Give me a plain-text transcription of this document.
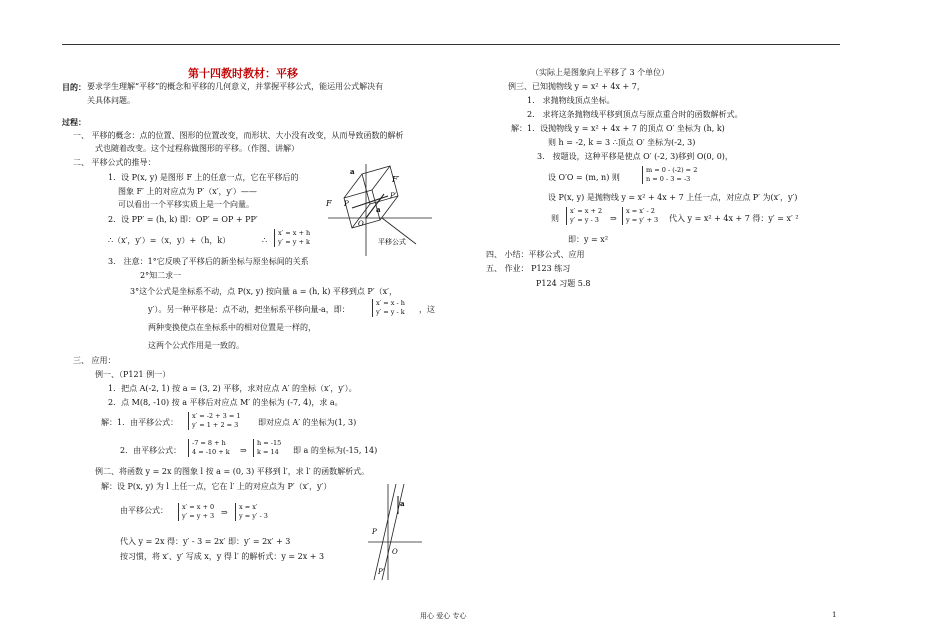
第十四教时教材：平移
目的： 要求学生理解“平移”的概念和平移的几何意义，并掌握平移公式，能运用公式解决有
关具体问题。
过程：
一、 平移的概念：点的位置、图形的位置改变，而形状、大小没有改变，从而导致函数的解析
式也随着改变。这个过程称做图形的平移。（作图、讲解）
二、 平移公式的推导：
1．设 P(x, y) 是图形 F 上的任意一点，它在平移后的
图象 F′ 上的对应点为 P′（x′，y′）——
可以看出一个平移实质上是一个向量。
2．设 PP′ = (h, k) 即：OP′ = OP + PP′
∴（x′，y′）=（x，y）+（h，k）	∴
x′ = x + h
y′ = y + k
3． 注意：1°它反映了平移后的新坐标与原坐标间的关系
2°知二求一
3°这个公式是坐标系不动，点 P(x, y) 按向量 a = (h, k) 平移到点 P′（x′，
y′）。另一种平移是：点不动，把坐标系平移向量-a，即：
x′ = x - h
y′ = y - k ，这
两种变换使点在坐标系中的相对位置是一样的，
这两个公式作用是一致的。
三、 应用：
例一、（P121 例一）
1．把点 A(-2, 1) 按 a = (3, 2) 平移，求对应点 A′ 的坐标（x′，y′）。
2．点 M(8, -10) 按 a 平移后对应点 M′ 的坐标为 (-7, 4)，求 a。
解：1．由平移公式：
x′ = -2 + 3 = 1
y′ = 1 + 2 = 3 即对应点 A′ 的坐标为(1, 3)
2．由平移公式：
-7 = 8 + h
4 = -10 + k ⇒
h = -15
k = 14	即 a 的坐标为(-15, 14)
例二、将函数 y = 2x 的图象 l 按 a = (0, 3) 平移到 l′，求 l′ 的函数解析式。
解：设 P(x, y) 为 l 上任一点，它在 l′ 上的对应点为 P′（x′，y′）
由平移公式： x′ = x + 0
y′ = y + 3 ⇒
x = x′
y = y′ - 3
代入 y = 2x 得：y′ - 3 = 2x′ 即：y′ = 2x′ + 3
按习惯，将 x′、y′ 写成 x，y 得 l′ 的解析式：y = 2x + 3
（实际上是图象向上平移了 3 个单位）
例三、已知抛物线 y = x² + 4x + 7，
1． 求抛物线顶点坐标。
2． 求将这条抛物线平移到顶点与原点重合时的函数解析式。
解：1．设抛物线 y = x² + 4x + 7 的顶点 O′ 坐标为 (h, k)
则 h = -2, k = 3 ∴顶点 O′ 坐标为(-2, 3)
3． 按题设，这种平移是使点 O′ (-2, 3)移到 O(0, 0)，
设 O′O = (m, n) 则
m = 0 - (-2) = 2
n = 0 - 3 = -3
设 P(x, y) 是抛物线 y = x² + 4x + 7 上任一点，对应点 P′ 为(x′，y′)
则
x′ = x + 2
y′ = y - 3	⇒
x = x′ - 2
y = y′ + 3 代入 y = x² + 4x + 7 得：y′ = x′ ²
即：y = x²
四、 小结：平移公式、应用
五、 作业： P123 练习
P124 习题 5.8
F
F′
P
P′
a
a
O
平移公式
a
P
P′
O
用心 爱心 专心	1
